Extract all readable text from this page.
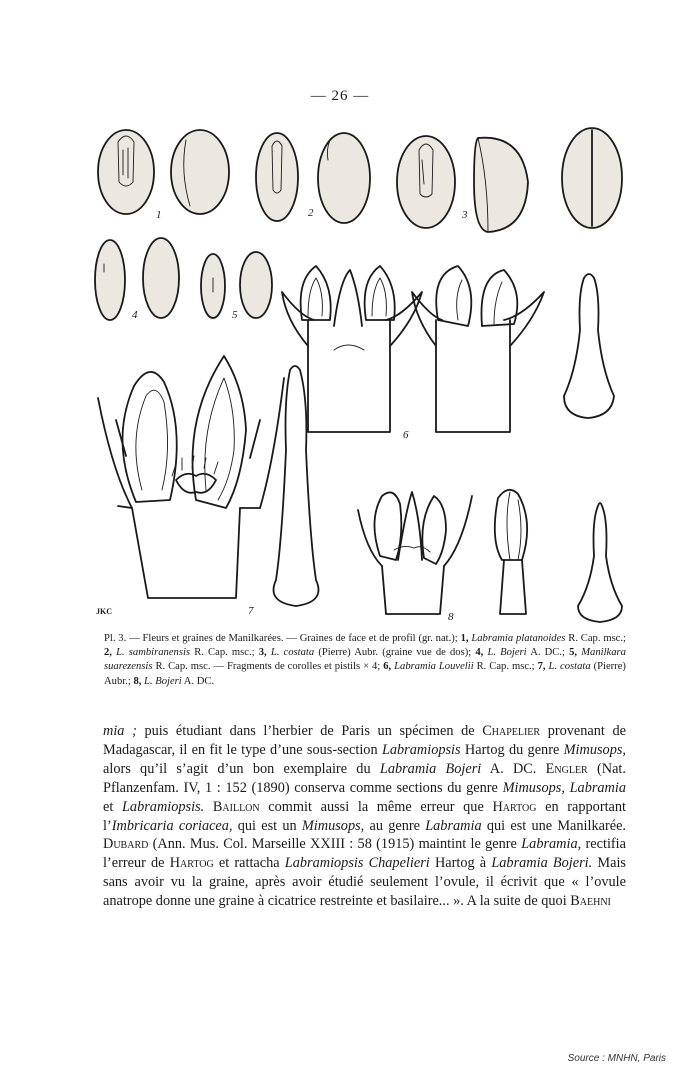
— 26 —
1	2	3
4	5
6
7	8
JKC
Pl. 3. — Fleurs et graines de Manilkarées. — Graines de face et de profil (gr. nat.); 1, Labramia platanoides R. Cap. msc.; 2, L. sambiranensis R. Cap. msc.; 3, L. costata (Pierre) Aubr. (graine vue de dos); 4, L. Bojeri A. DC.; 5, Manilkara suarezensis R. Cap. msc. — Fragments de corolles et pistils × 4; 6, Labramia Louvelii R. Cap. msc.; 7, L. costata (Pierre) Aubr.; 8, L. Bojeri A. DC.
mia ; puis étudiant dans l’herbier de Paris un spécimen de Chapelier provenant de Madagascar, il en fit le type d’une sous-section Labramiopsis Hartog du genre Mimusops, alors qu’il s’agit d’un bon exemplaire du Labramia Bojeri A. DC. Engler (Nat. Pflanzenfam. IV, 1 : 152 (1890) conserva comme sections du genre Mimusops, Labramia et Labramiopsis. Baillon commit aussi la même erreur que Hartog en rapportant l’Imbricaria coriacea, qui est un Mimusops, au genre Labramia qui est une Manilkarée. Dubard (Ann. Mus. Col. Marseille XXIII : 58 (1915) maintint le genre Labramia, rectifia l’erreur de Hartog et rattacha Labramiopsis Chapelieri Hartog à Labramia Bojeri. Mais sans avoir vu la graine, après avoir étudié seulement l’ovule, il écrivit que « l’ovule anatrope donne une graine à cicatrice restreinte et basilaire... ». A la suite de quoi Baehni
Source : MNHN, Paris
